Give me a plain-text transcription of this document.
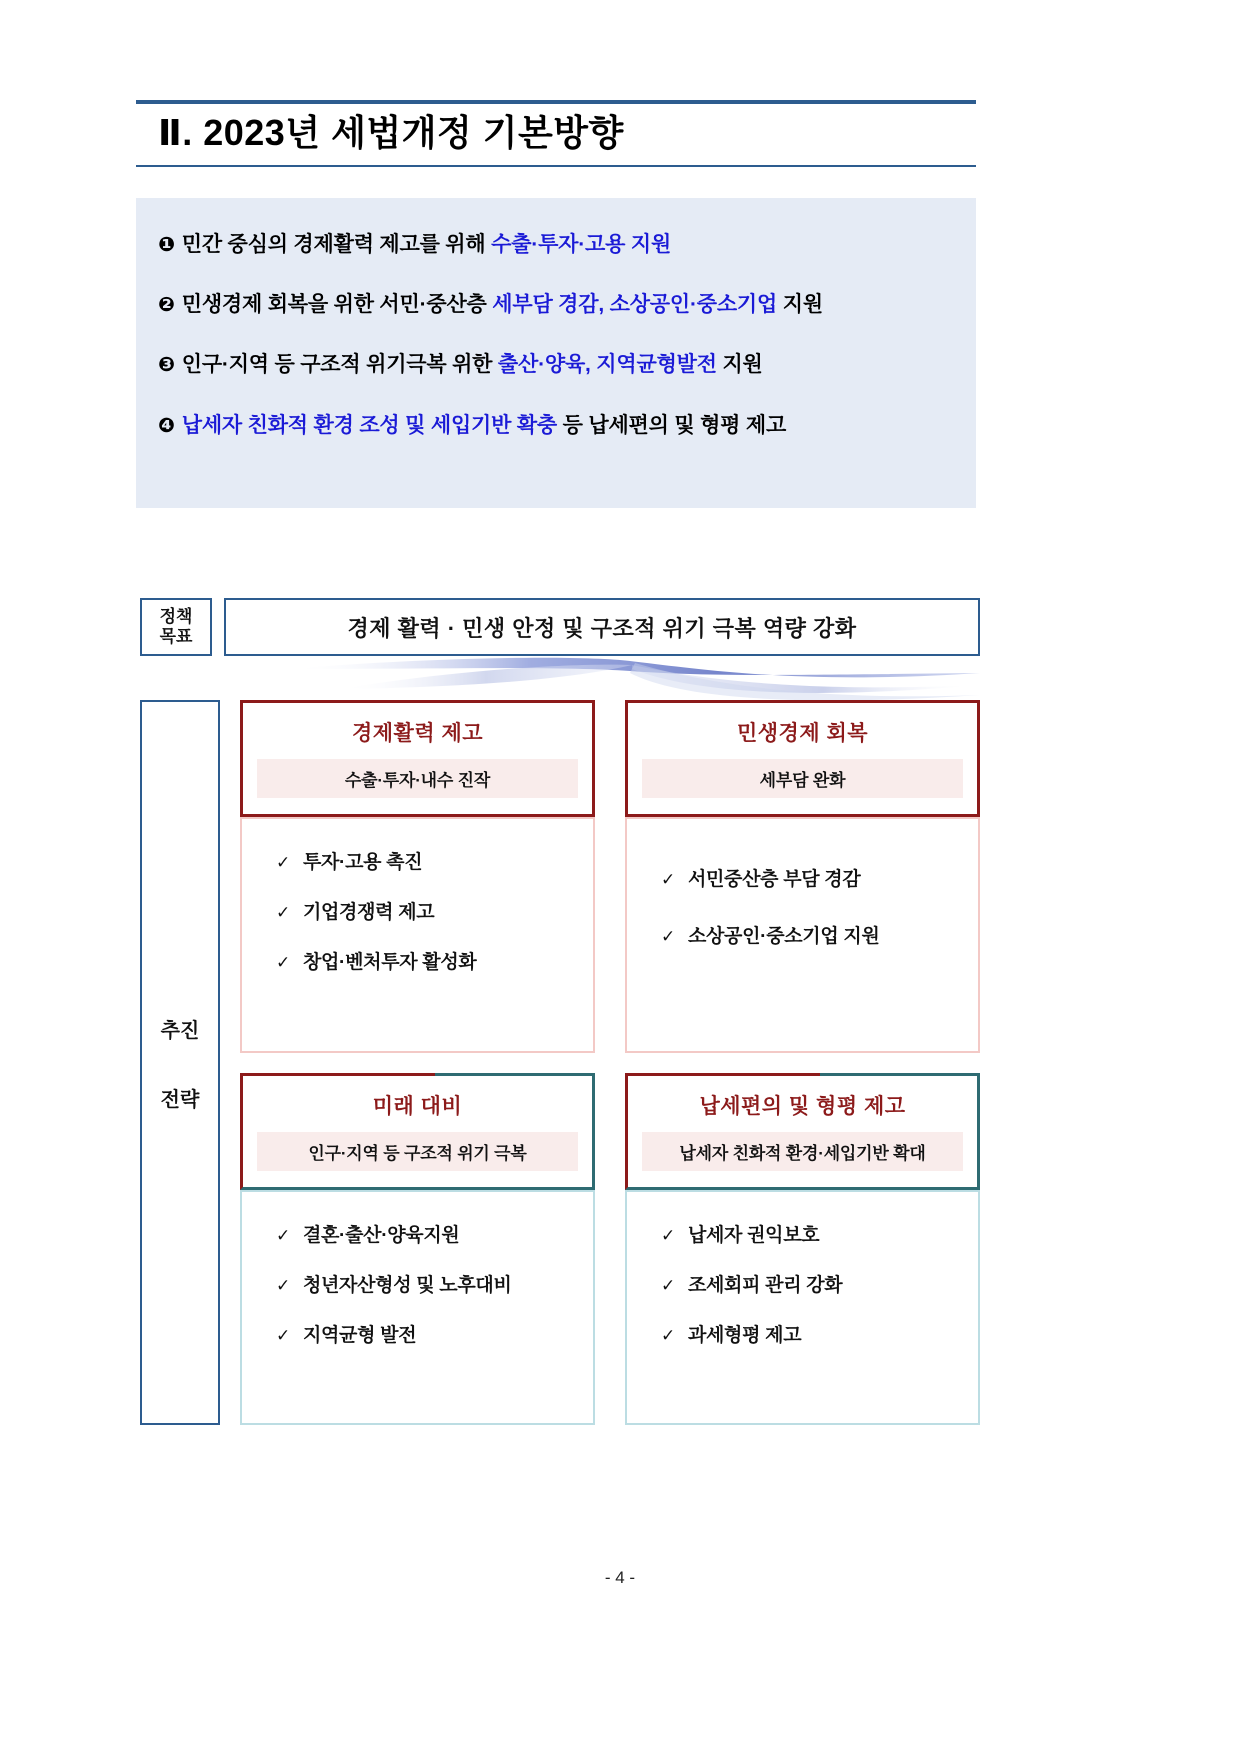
Ⅱ. 2023년 세법개정 기본방향
❶ 민간 중심의 경제활력 제고를 위해 수출·투자·고용 지원
❷ 민생경제 회복을 위한 서민·중산층 세부담 경감, 소상공인·중소기업 지원
❸ 인구·지역 등 구조적 위기극복 위한 출산·양육, 지역균형발전 지원
❹ 납세자 친화적 환경 조성 및 세입기반 확충 등 납세편의 및 형평 제고
정책
목표	경제 활력 · 민생 안정 및 구조적 위기 극복 역량 강화
추진
전략
경제활력 제고
수출·투자·내수 진작
✓ 투자·고용 촉진
✓ 기업경쟁력 제고
✓ 창업·벤처투자 활성화
민생경제 회복
세부담 완화
✓ 서민중산층 부담 경감
✓ 소상공인·중소기업 지원
미래 대비
인구·지역 등 구조적 위기 극복
✓ 결혼·출산·양육지원
✓ 청년자산형성 및 노후대비
✓ 지역균형 발전
납세편의 및 형평 제고
납세자 친화적 환경·세입기반 확대
✓ 납세자 권익보호
✓ 조세회피 관리 강화
✓ 과세형평 제고
- 4 -
